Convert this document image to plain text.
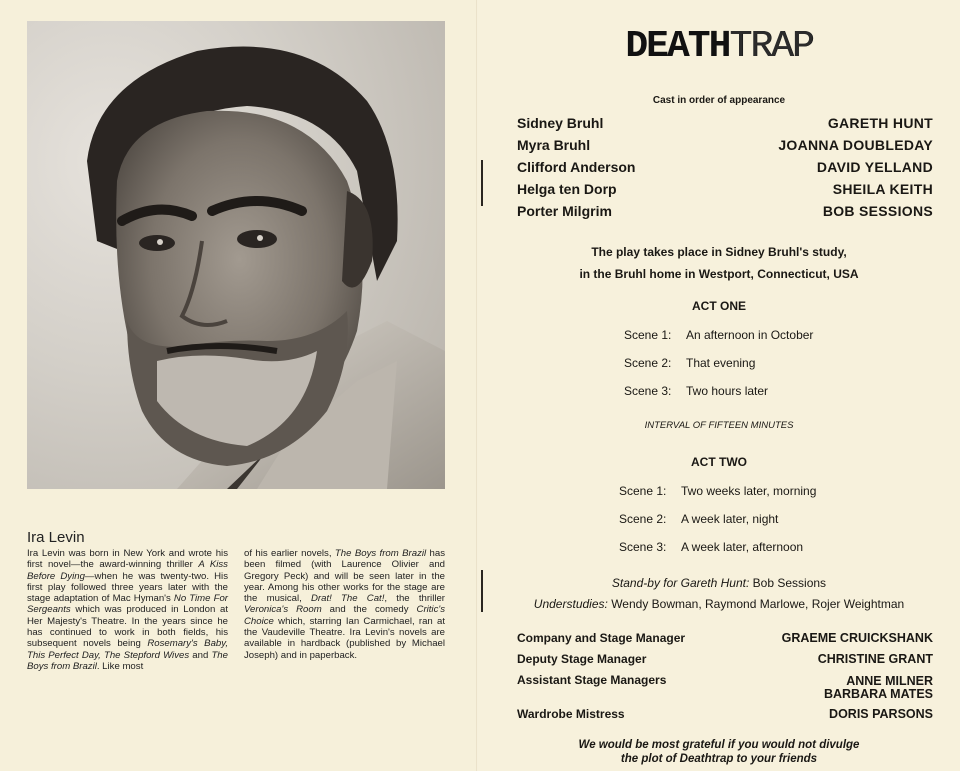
Ira Levin
Ira Levin was born in New York and wrote his first novel—the award-winning thriller A Kiss Before Dying—when he was twenty-two. His first play followed three years later with the stage adaptation of Mac Hyman's No Time For Sergeants which was produced in London at Her Majesty's Theatre. In the years since he has continued to work in both fields, his subsequent novels being Rosemary's Baby, This Perfect Day, The Stepford Wives and The Boys from Brazil. Like most
of his earlier novels, The Boys from Brazil has been filmed (with Laurence Olivier and Gregory Peck) and will be seen later in the year. Among his other works for the stage are the musical, Drat! The Cat!, the thriller Veronica's Room and the comedy Critic's Choice which, starring Ian Carmichael, ran at the Vaudeville Theatre. Ira Levin's novels are available in hardback (published by Michael Joseph) and in paperback.
DEATHTRAP
Cast in order of appearance
Sidney Bruhl	GARETH HUNT
Myra Bruhl	JOANNA DOUBLEDAY
Clifford Anderson	DAVID YELLAND
Helga ten Dorp	SHEILA KEITH
Porter Milgrim	BOB SESSIONS
The play takes place in Sidney Bruhl's study,
in the Bruhl home in Westport, Connecticut, USA
ACT ONE
Scene 1:	An afternoon in October
Scene 2:	That evening
Scene 3:	Two hours later
INTERVAL OF FIFTEEN MINUTES
ACT TWO
Scene 1:	Two weeks later, morning
Scene 2:	A week later, night
Scene 3:	A week later, afternoon
Stand-by for Gareth Hunt: Bob Sessions
Understudies: Wendy Bowman, Raymond Marlowe, Rojer Weightman
Company and Stage Manager	GRAEME CRUICKSHANK
Deputy Stage Manager	CHRISTINE GRANT
Assistant Stage Managers	ANNE MILNER
BARBARA MATES
Wardrobe Mistress	DORIS PARSONS
We would be most grateful if you would not divulge
the plot of Deathtrap to your friends
